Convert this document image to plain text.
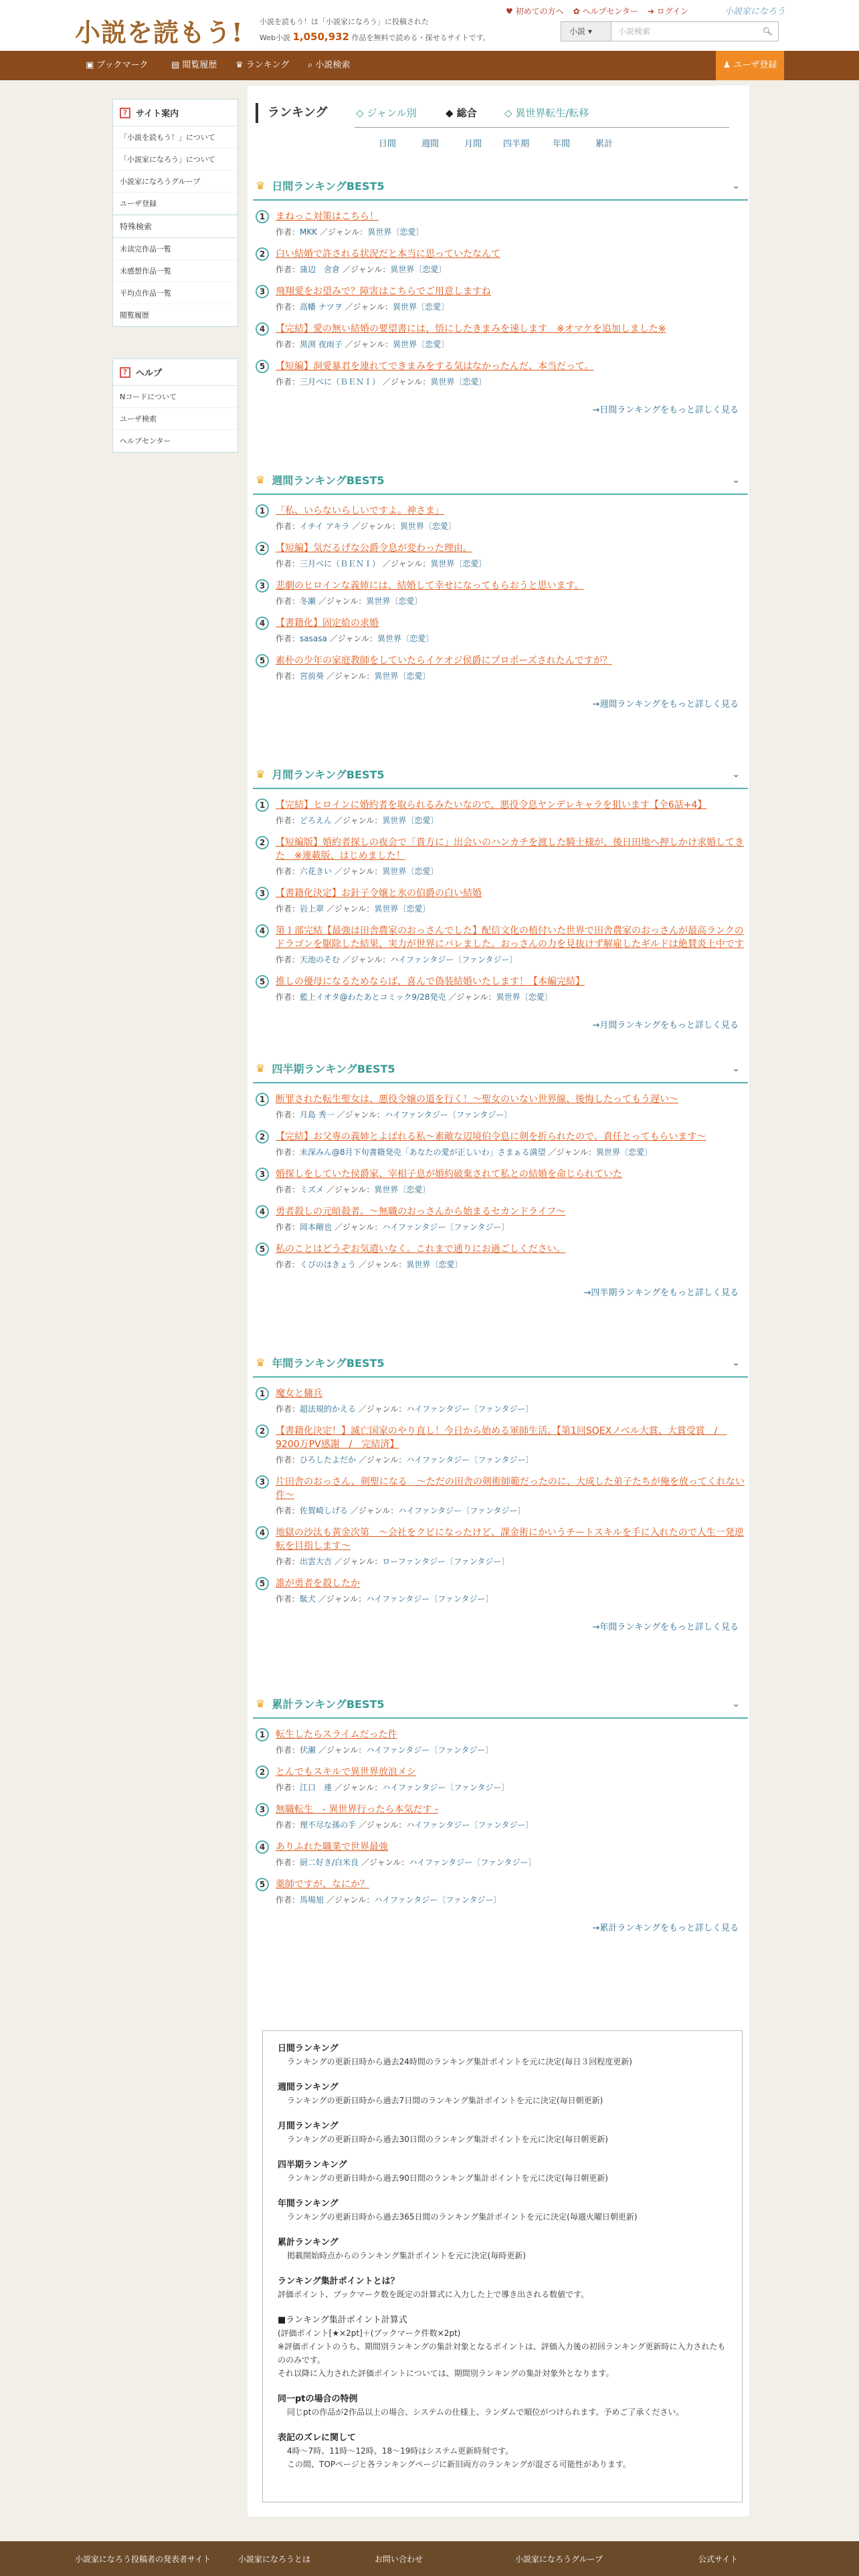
小説を読もう! 小説を読もう！は「小説家になろう」に投稿された
Web小説 1,050,932 作品を無料で読める・探せるサイトです。
♥ 初めての方へ ✿ ヘルプセンター ➔ ログイン	小説家になろう
小説 ▾	小説検索	🔍︎
▣ ブックマーク	▤ 閲覧履歴 ♛ ランキング ⌕ 小説検索	♟ ユーザ登録
? サイト案内
「小説を読もう！」について
「小説家になろう」について
小説家になろうグループ
ユーザ登録
特殊検索
未读完作品一覧
未感想作品一覧
平均点作品一覧
閲覧履歴
? ヘルプ
Nコードについて
ユーザ検索
ヘルプセンター
ランキング	◇ ジャンル別	◆ 総合	◇ 異世界転生/転移
日間	週間	月間 四半期	年間	累計
♛ 日間ランキングBEST5	⌄
1	まねっこ対策はこちら！
作者：MKK ／ジャンル：異世界〔恋愛〕
2	白い結婚で許される状況だと本当に思っていたなんて
作者：蒲辺　舍倉 ／ジャンル：異世界〔恋愛〕
3	飛翔愛をお望みで？障害はこちらでご用意しますね
作者：高幡 ナツヲ ／ジャンル：異世界〔恋愛〕
4	【完結】愛の無い結婚の要望書には、悟にしたきまみを速します　※オマケを追加しました※
作者：黒渕 夜雨子 ／ジャンル：異世界〔恋愛〕
5	【短編】洞愛暴君を連れてできまみをする気はなかったんだ、本当だって。
作者：三月べに（ＢＥＮＩ） ／ジャンル：異世界〔恋愛〕
→日間ランキングをもっと詳しく見る
♛ 週間ランキングBEST5	⌄
1	「私、いらないらしいですよ。神さま」
作者：イチイ アキラ ／ジャンル：異世界〔恋愛〕
2	【短編】気だるげな公爵令息が変わった理由。
作者：三月べに（ＢＥＮＩ） ／ジャンル：異世界〔恋愛〕
3	悲劇のヒロインな義姉には、結婚して幸せになってもらおうと思います。
作者：冬瀬 ／ジャンル：異世界〔恋愛〕
4	【書籍化】固定給の求婚
作者：sasasa ／ジャンル：異世界〔恋愛〕
5	素朴の少年の家庭教師をしていたらイケオジ侯爵にプロポーズされたんですが？
作者：宮前葵 ／ジャンル：異世界〔恋愛〕
→週間ランキングをもっと詳しく見る
♛ 月間ランキングBEST5	⌄
1	【完結】ヒロインに婚約者を取られるみたいなので、悪役令息ヤンデレキャラを狙います【全6話+4】
作者：どろえん ／ジャンル：異世界〔恋愛〕
2	【短編版】婚約者探しの夜会で「貴方に」出会いのハンカチを渡した騎士様が、後日田地へ押しかけ求婚してきた　※連載版、はじめました！
作者：六花きい ／ジャンル：異世界〔恋愛〕
3	【書籍化決定】お針子令嬢と氷の伯爵の白い結婚
作者：岩上翠 ／ジャンル：異世界〔恋愛〕
4	第１部完結【最強は田舎農家のおっさんでした】配信文化の植付いた世界で田舎農家のおっさんが最高ランクのドラゴンを駆除した結果、実力が世界にバレました。おっさんの力を見抜けず解雇したギルドは絶賛炎上中です
作者：天池のそむ ／ジャンル：ハイファンタジー〔ファンタジー〕
5	推しの優母になるためならば、喜んで偽装結婚いたします！【本編完結】
作者：藍上イオタ@わたあとコミック9/28発売 ／ジャンル：異世界〔恋愛〕
→月間ランキングをもっと詳しく見る
♛ 四半期ランキングBEST5	⌄
1	断罪された転生聖女は、悪役令嬢の道を行く！～聖女のいない世界線、後悔したってもう遅い～
作者：月島 秀一 ／ジャンル：ハイファンタジー〔ファンタジー〕
2	【完結】お父専の義姉とよばれる私～素敵な辺境伯令息に剣を折られたので、責任とってもらいます～
作者：未深みん@8月下旬書籍発売「あなたの愛が正しいわ」さまぁる満望 ／ジャンル：異世界〔恋愛〕
3	婚探しをしていた侯爵家、宰相子息が婚約破棄されて私との結婚を命じられていた
作者：ミズメ ／ジャンル：異世界〔恋愛〕
4	勇者殺しの元暗殺者。～無職のおっさんから始まるセカンドライフ～
作者：岡本剛也 ／ジャンル：ハイファンタジー〔ファンタジー〕
5	私のことはどうぞお気遣いなく。これまで通りにお過ごしください。
作者：くびのほきょう ／ジャンル：異世界〔恋愛〕
→四半期ランキングをもっと詳しく見る
♛ 年間ランキングBEST5	⌄
1	魔女と傭兵
作者：超法規的かえる ／ジャンル：ハイファンタジー〔ファンタジー〕
2	【書籍化決定！】滅亡国家のやり直し！今日から始める軍師生活。【第1回SQEXノベル大賞、大賞受賞　/　9200万PV感謝　/　完結済】
作者：ひろしたよだか ／ジャンル：ハイファンタジー〔ファンタジー〕
3	片田舎のおっさん、剣聖になる　～ただの田舎の剣術師範だったのに、大成した弟子たちが俺を放ってくれない件～
作者：佐賀崎しげる ／ジャンル：ハイファンタジー〔ファンタジー〕
4	地獄の沙汰も黄金次第　～会社をクビになったけど、課金術にかいうチートスキルを手に入れたので人生一発逆転を目指します～
作者：出雲大吉 ／ジャンル：ローファンタジー〔ファンタジー〕
5	誰が勇者を殺したか
作者：駄犬 ／ジャンル：ハイファンタジー〔ファンタジー〕
→年間ランキングをもっと詳しく見る
♛ 累計ランキングBEST5	⌄
1	転生したらスライムだった件
作者：伏瀬 ／ジャンル：ハイファンタジー〔ファンタジー〕
2	とんでもスキルで異世界放浪メシ
作者：江口　連 ／ジャンル：ハイファンタジー〔ファンタジー〕
3	無職転生　- 異世界行ったら本気だす -
作者：理不尽な孫の手 ／ジャンル：ハイファンタジー〔ファンタジー〕
4	ありふれた職業で世界最強
作者：厨二好き/白米良 ／ジャンル：ハイファンタジー〔ファンタジー〕
5	薬師ですが、なにか？
作者：馬場旭 ／ジャンル：ハイファンタジー〔ファンタジー〕
→累計ランキングをもっと詳しく見る
日間ランキング
ランキングの更新日時から過去24時間のランキング集計ポイントを元に決定(毎日３回程度更新)
週間ランキング
ランキングの更新日時から過去7日間のランキング集計ポイントを元に決定(毎日朝更新)
月間ランキング
ランキングの更新日時から過去30日間のランキング集計ポイントを元に決定(毎日朝更新)
四半期ランキング
ランキングの更新日時から過去90日間のランキング集計ポイントを元に決定(毎日朝更新)
年間ランキング
ランキングの更新日時から過去365日間のランキング集計ポイントを元に決定(毎週火曜日朝更新)
累計ランキング
掲載開始時点からのランキング集計ポイントを元に決定(毎時更新)
ランキング集計ポイントとは？
評価ポイント、ブックマーク数を既定の計算式に入力した上で導き出される数値です。
■ランキング集計ポイント計算式
(評価ポイント[★×2pt]＋(ブックマーク件数×2pt)
※評価ポイントのうち、期間別ランキングの集計対象となるポイントは、評価入力後の初回ランキング更新時に入力されたもののみです。
それ以降に入力された評価ポイントについては、期間別ランキングの集計対象外となります。
同一ptの場合の特例
同じptの作品が2作品以上の場合、システムの仕様上、ランダムで順位がつけられます。予めご了承ください。
表記のズレに関して
4時～7時、11時～12時、18～19時はシステム更新時刻です。
この間、TOPページと各ランキングページに新旧両方のランキングが混ざる可能性があります。
小説家になろう投稿者の発表者サイト	小説家になろうとは	お問い合わせ	小説家になろうグループ	公式サイト
